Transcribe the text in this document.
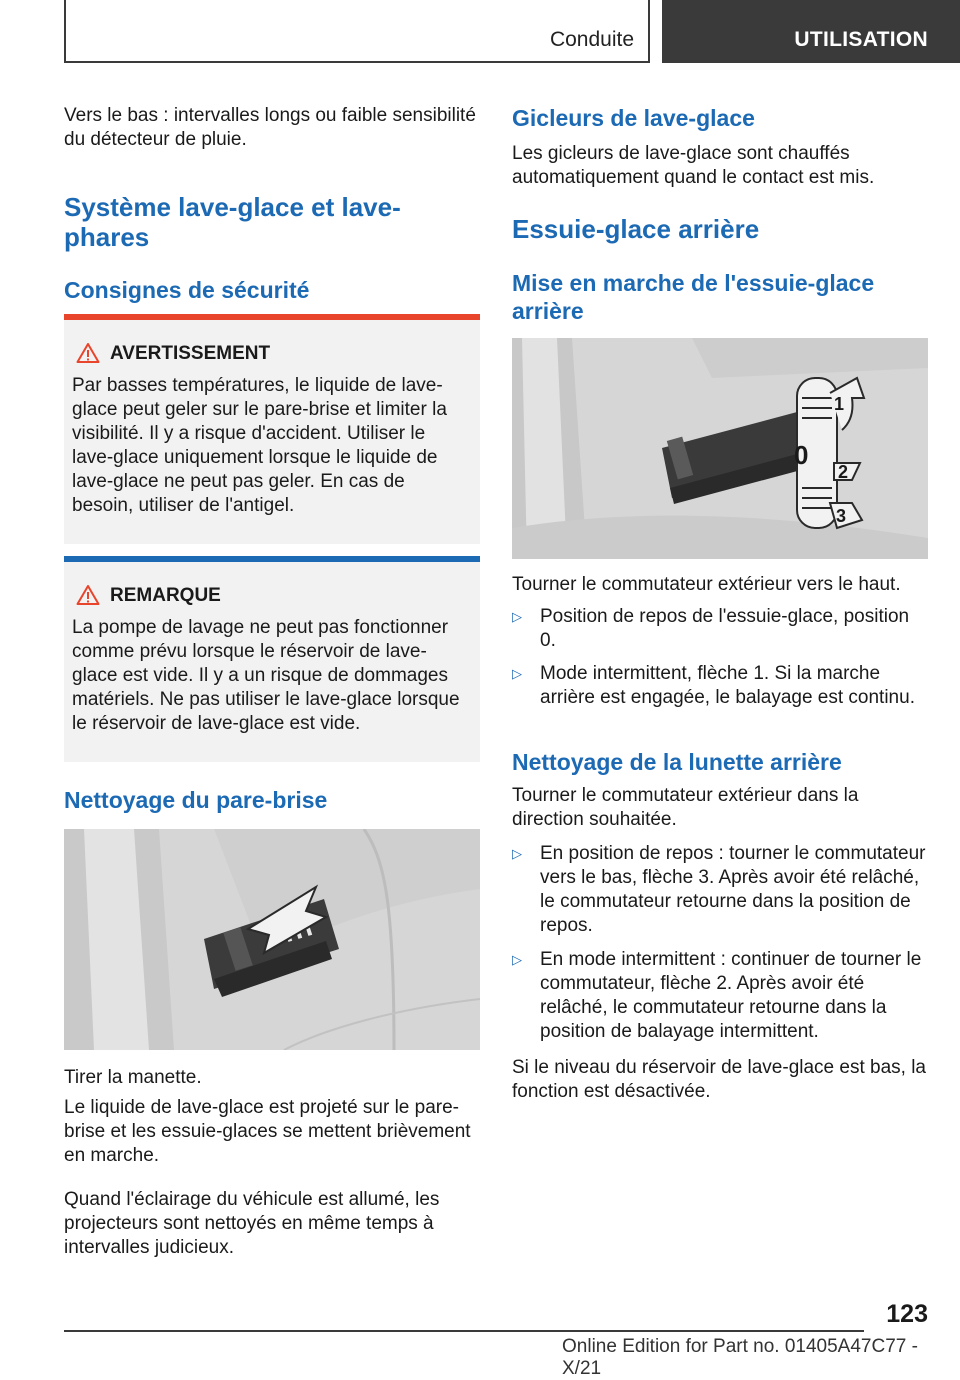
Conduite	UTILISATION

Vers le bas : intervalles longs ou faible sensibilité du détecteur de pluie.

Système lave-glace et lave-phares
Consignes de sécurité
AVERTISSEMENT
Par basses températures, le liquide de lave-glace peut geler sur le pare-brise et limiter la visibilité. Il y a risque d'accident. Utiliser le lave-glace uniquement lorsque le liquide de lave-glace ne peut pas geler. En cas de besoin, utiliser de l'antigel.
REMARQUE
La pompe de lavage ne peut pas fonctionner comme prévu lorsque le réservoir de lave-glace est vide. Il y a un risque de dommages matériels. Ne pas utiliser le lave-glace lorsque le réservoir de lave-glace est vide.
Nettoyage du pare-brise

Tirer la manette.

Le liquide de lave-glace est projeté sur le pare-brise et les essuie-glaces se mettent brièvement en marche.

Quand l'éclairage du véhicule est allumé, les projecteurs sont nettoyés en même temps à intervalles judicieux.

Gicleurs de lave-glace

Les gicleurs de lave-glace sont chauffés automatiquement quand le contact est mis.

Essuie-glace arrière
Mise en marche de l'essuie-glace arrière
0
1
2
3

Tourner le commutateur extérieur vers le haut.

▷ Position de repos de l'essuie-glace, position 0.
▷ Mode intermittent, flèche 1. Si la marche arrière est engagée, le balayage est continu.
Nettoyage de la lunette arrière

Tourner le commutateur extérieur dans la direction souhaitée.

▷ En position de repos : tourner le commutateur vers le bas, flèche 3. Après avoir été relâché, le commutateur retourne dans la position de repos.
▷ En mode intermittent : continuer de tourner le commutateur, flèche 2. Après avoir été relâché, le commutateur retourne dans la position de balayage intermittent.

Si le niveau du réservoir de lave-glace est bas, la fonction est désactivée.

123
Online Edition for Part no. 01405A47C77 - X/21
